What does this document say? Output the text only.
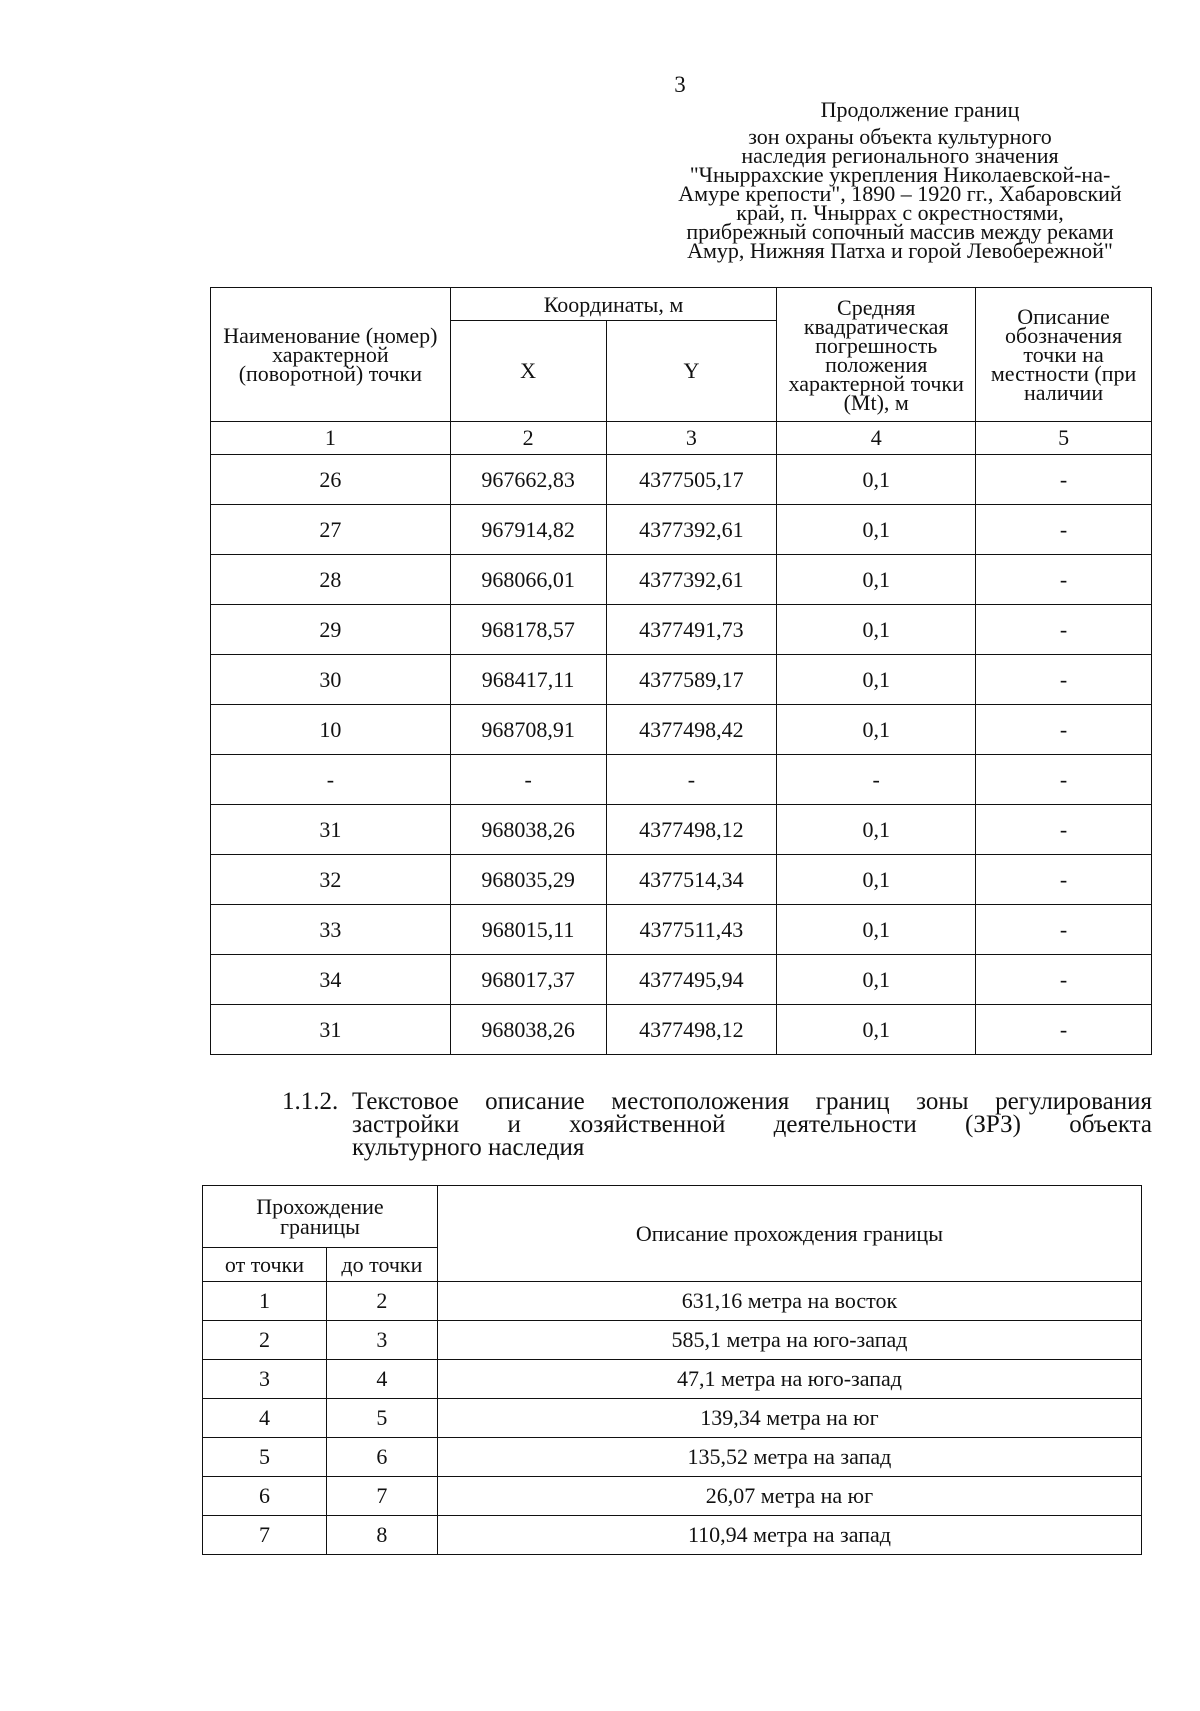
3
Продолжение границ
зон охраны объекта культурного
наследия регионального значения
"Чныррахские укрепления Николаевской-на-
Амуре крепости", 1890 – 1920 гг., Хабаровский
край, п. Чныррах с окрестностями,
прибрежный сопочный массив между реками
Амур, Нижняя Патха и горой Левобережной"
Наименование (номер) характерной (поворотной) точки	Координаты, м		Средняя квадратическая погрешность положения характерной точки (Mt), м	Описание обозначения точки на местности (при наличии
	X	Y		
1	2	3	4	5
26	967662,83	4377505,17	0,1	-
27	967914,82	4377392,61	0,1	-
28	968066,01	4377392,61	0,1	-
29	968178,57	4377491,73	0,1	-
30	968417,11	4377589,17	0,1	-
10	968708,91	4377498,42	0,1	-
-	-	-	-	-
31	968038,26	4377498,12	0,1	-
32	968035,29	4377514,34	0,1	-
33	968015,11	4377511,43	0,1	-
34	968017,37	4377495,94	0,1	-
31	968038,26	4377498,12	0,1	-
1.1.2. Текстовое описание местоположения границ зоны регулирования
застройки и хозяйственной деятельности (ЗРЗ) объекта
культурного наследия
Прохождение границы		Описание прохождения границы
от точки	до точки	
1	2	631,16 метра на восток
2	3	585,1 метра на юго-запад
3	4	47,1 метра на юго-запад
4	5	139,34 метра на юг
5	6	135,52 метра на запад
6	7	26,07 метра на юг
7	8	110,94 метра на запад
